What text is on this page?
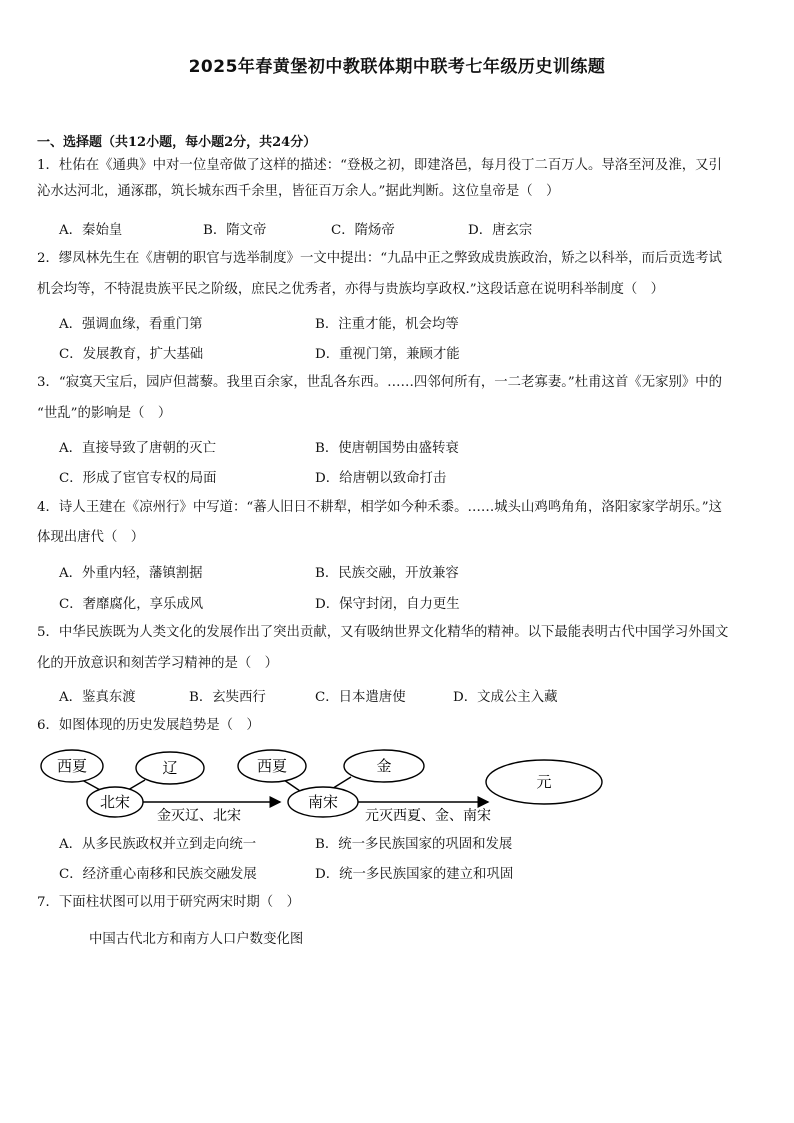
2025年春黄堡初中教联体期中联考七年级历史训练题
一、选择题（共12小题，每小题2分，共24分）
1．杜佑在《通典》中对一位皇帝做了这样的描述：“登极之初，即建洛邑，每月役丁二百万人。导洛至河及淮，又引
沁水达河北，通涿郡，筑长城东西千余里，皆征百万余人。”据此判断。这位皇帝是（　）
A．秦始皇	B．隋文帝	C．隋炀帝	D．唐玄宗
2．缪凤林先生在《唐朝的职官与选举制度》一文中提出：“九品中正之弊致成贵族政治，矫之以科举，而后贡选考试
机会均等，不特混贵族平民之阶级，庶民之优秀者，亦得与贵族均享政权.”这段话意在说明科举制度（　）
A．强调血缘，看重门第	B．注重才能，机会均等
C．发展教育，扩大基础	D．重视门第，兼顾才能
3．“寂寞天宝后，园庐但蒿藜。我里百余家，世乱各东西。……四邻何所有，一二老寡妻。”杜甫这首《无家别》中的
“世乱”的影响是（　）
A．直接导致了唐朝的灭亡	B．使唐朝国势由盛转衰
C．形成了宦官专权的局面	D．给唐朝以致命打击
4．诗人王建在《凉州行》中写道：“蕃人旧日不耕犁，相学如今种禾黍。……城头山鸡鸣角角，洛阳家家学胡乐。”这
体现出唐代（　）
A．外重内轻，藩镇割据	B．民族交融，开放兼容
C．奢靡腐化，享乐成风	D．保守封闭，自力更生
5．中华民族既为人类文化的发展作出了突出贡献，又有吸纳世界文化精华的精神。以下最能表明古代中国学习外国文
化的开放意识和刻苦学习精神的是（　）
A．鉴真东渡	B．玄奘西行	C．日本遣唐使	D．文成公主入藏
6．如图体现的历史发展趋势是（　）
西夏	辽
北宋
西夏	金
南宋
元
金灭辽、北宋	元灭西夏、金、南宋
A．从多民族政权并立到走向统一	B．统一多民族国家的巩固和发展
C．经济重心南移和民族交融发展	D．统一多民族国家的建立和巩固
7．下面柱状图可以用于研究两宋时期（　）
中国古代北方和南方人口户数变化图
